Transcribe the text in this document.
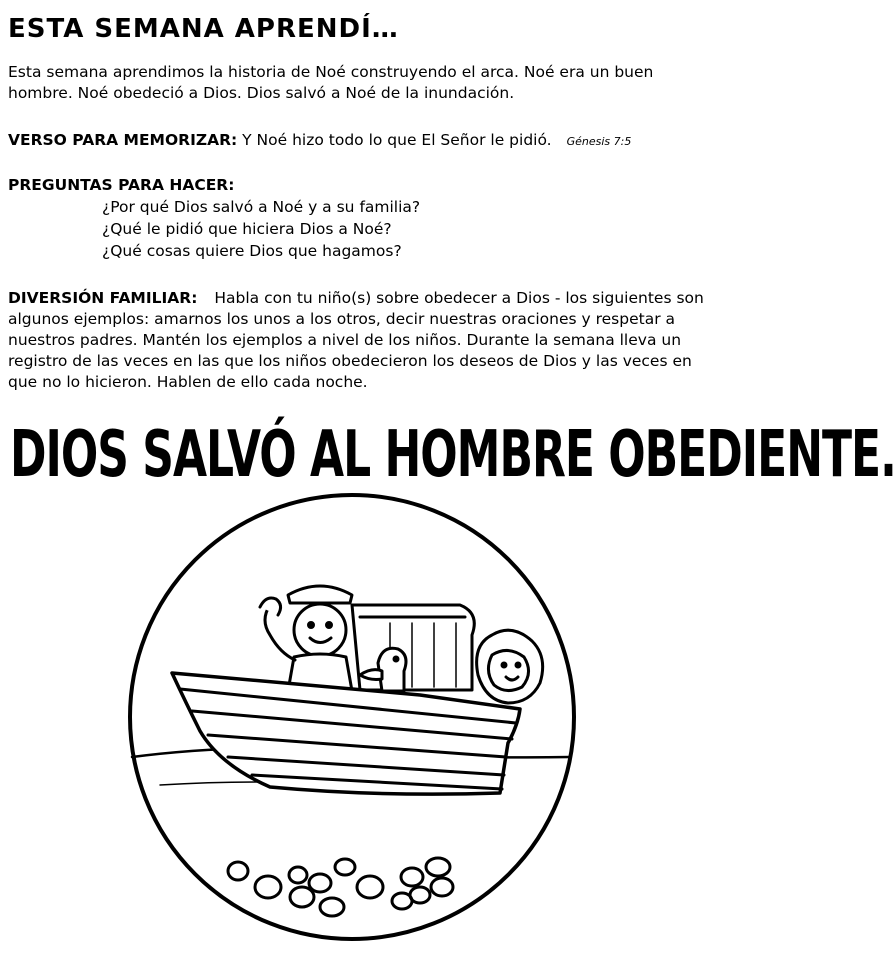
ESTA SEMANA APRENDÍ…
Esta semana aprendimos la historia de Noé construyendo el arca. Noé era un buen hombre. Noé obedeció a Dios. Dios salvó a Noé de la inundación.
VERSO PARA MEMORIZAR: Y Noé hizo todo lo que El Señor le pidió. Génesis 7:5
PREGUNTAS PARA HACER:
¿Por qué Dios salvó a Noé y a su familia?
¿Qué le pidió que hiciera Dios a Noé?
¿Qué cosas quiere Dios que hagamos?
DIVERSIÓN FAMILIAR: Habla con tu niño(s) sobre obedecer a Dios - los siguientes son algunos ejemplos: amarnos los unos a los otros, decir nuestras oraciones y respetar a nuestros padres. Mantén los ejemplos a nivel de los niños. Durante la semana lleva un registro de las veces en las que los niños obedecieron los deseos de Dios y las veces en que no lo hicieron. Hablen de ello cada noche.
DIOS SALVÓ AL HOMBRE OBEDIENTE.
